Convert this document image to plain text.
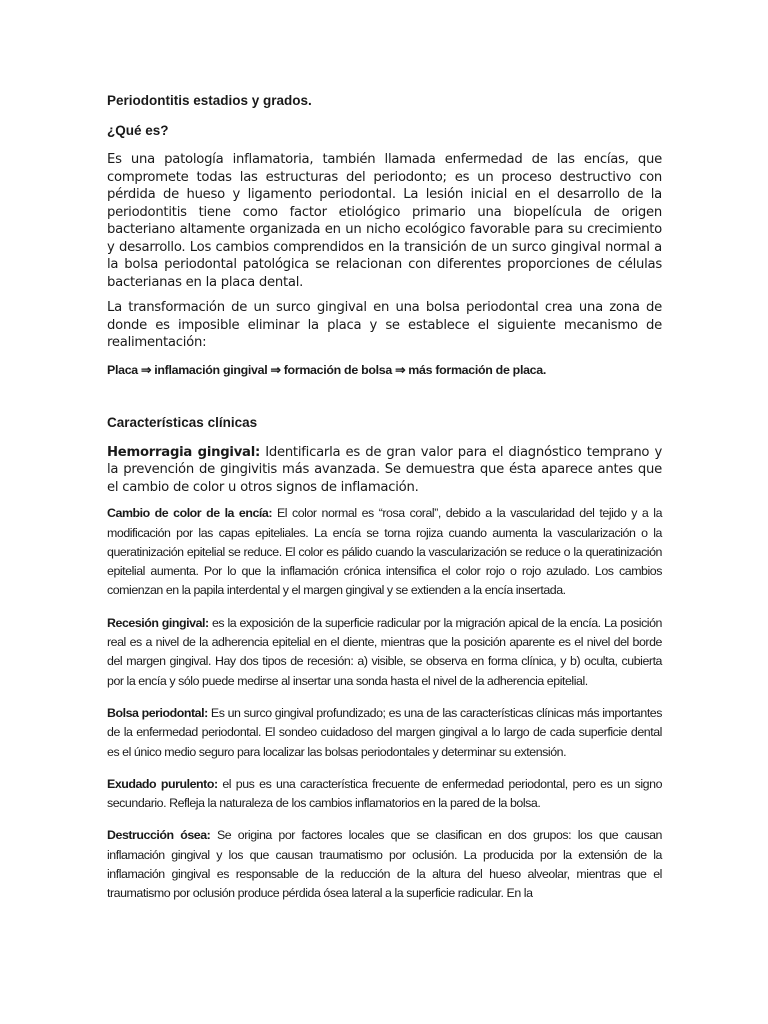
Periodontitis estadios y grados.

¿Qué es?

Es una patología inflamatoria, también llamada enfermedad de las encías, que compromete todas las estructuras del periodonto; es un proceso destructivo con pérdida de hueso y ligamento periodontal. La lesión inicial en el desarrollo de la periodontitis tiene como factor etiológico primario una biopelícula de origen bacteriano altamente organizada en un nicho ecológico favorable para su crecimiento y desarrollo. Los cambios comprendidos en la transición de un surco gingival normal a la bolsa periodontal patológica se relacionan con diferentes proporciones de células bacterianas en la placa dental.

La transformación de un surco gingival en una bolsa periodontal crea una zona de donde es imposible eliminar la placa y se establece el siguiente mecanismo de realimentación:

Placa ⇒ inflamación gingival ⇒ formación de bolsa ⇒ más formación de placa.

Características clínicas

Hemorragia gingival: Identificarla es de gran valor para el diagnóstico temprano y la prevención de gingivitis más avanzada. Se demuestra que ésta aparece antes que el cambio de color u otros signos de inflamación.

Cambio de color de la encía: El color normal es “rosa coral”, debido a la vascularidad del tejido y a la modificación por las capas epiteliales. La encía se torna rojiza cuando aumenta la vascularización o la queratinización epitelial se reduce. El color es pálido cuando la vascularización se reduce o la queratinización epitelial aumenta. Por lo que la inflamación crónica intensifica el color rojo o rojo azulado. Los cambios comienzan en la papila interdental y el margen gingival y se extienden a la encía insertada.

Recesión gingival: es la exposición de la superficie radicular por la migración apical de la encía. La posición real es a nivel de la adherencia epitelial en el diente, mientras que la posición aparente es el nivel del borde del margen gingival. Hay dos tipos de recesión: a) visible, se observa en forma clínica, y b) oculta, cubierta por la encía y sólo puede medirse al insertar una sonda hasta el nivel de la adherencia epitelial.

Bolsa periodontal: Es un surco gingival profundizado; es una de las características clínicas más importantes de la enfermedad periodontal. El sondeo cuidadoso del margen gingival a lo largo de cada superficie dental es el único medio seguro para localizar las bolsas periodontales y determinar su extensión.

Exudado purulento: el pus es una característica frecuente de enfermedad periodontal, pero es un signo secundario. Refleja la naturaleza de los cambios inflamatorios en la pared de la bolsa.

Destrucción ósea: Se origina por factores locales que se clasifican en dos grupos: los que causan inflamación gingival y los que causan traumatismo por oclusión. La producida por la extensión de la inflamación gingival es responsable de la reducción de la altura del hueso alveolar, mientras que el traumatismo por oclusión produce pérdida ósea lateral a la superficie radicular. En la
